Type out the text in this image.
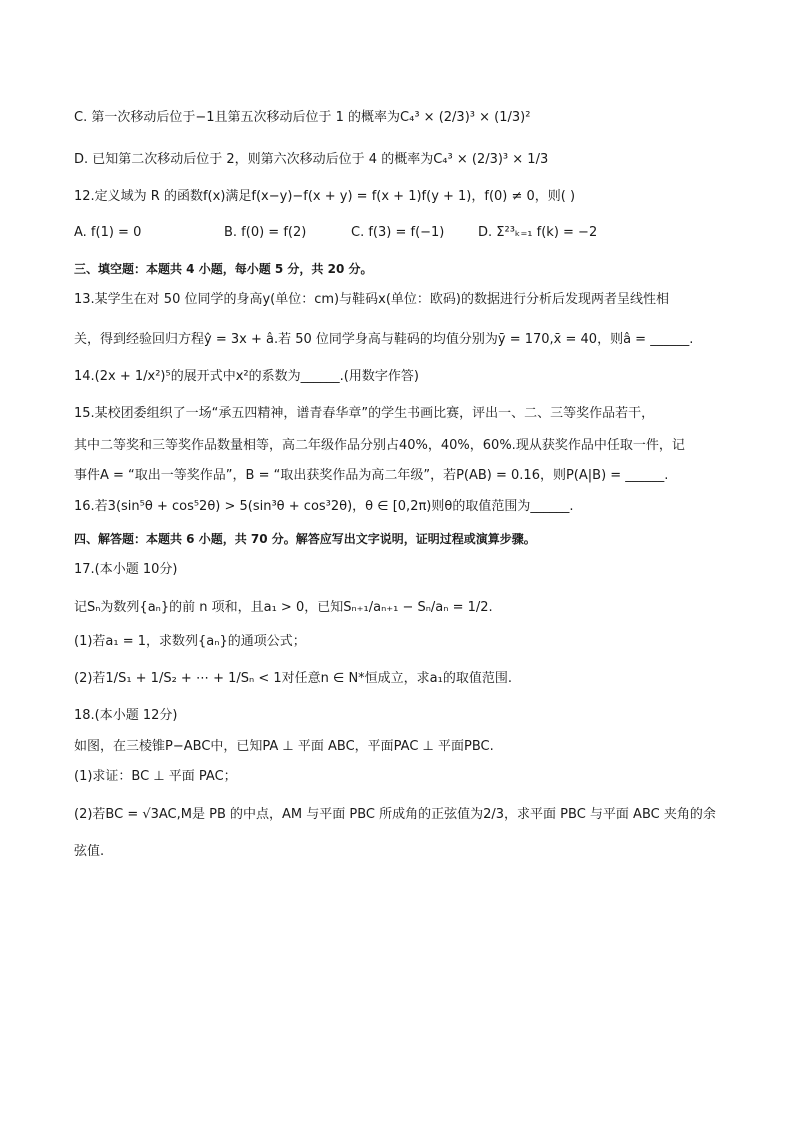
C. 第一次移动后位于−1且第五次移动后位于 1 的概率为C₄³ × (2/3)³ × (1/3)²
D. 已知第二次移动后位于 2，则第六次移动后位于 4 的概率为C₄³ × (2/3)³ × 1/3
12.定义域为 R 的函数f(x)满足f(x−y)−f(x + y) = f(x + 1)f(y + 1)，f(0) ≠ 0，则( )
A. f(1) = 0	B. f(0) = f(2)	C. f(3) = f(−1)	D. Σ²³ₖ₌₁ f(k) = −2
三、填空题：本题共 4 小题，每小题 5 分，共 20 分。
13.某学生在对 50 位同学的身高y(单位：cm)与鞋码x(单位：欧码)的数据进行分析后发现两者呈线性相
关，得到经验回归方程ŷ = 3x + â.若 50 位同学身高与鞋码的均值分别为ȳ = 170,x̄ = 40，则â = ______.
14.(2x + 1/x²)⁵的展开式中x²的系数为______.(用数字作答)
15.某校团委组织了一场“承五四精神，谱青春华章”的学生书画比赛，评出一、二、三等奖作品若干，
其中二等奖和三等奖作品数量相等，高二年级作品分别占40%，40%，60%.现从获奖作品中任取一件，记
事件A = “取出一等奖作品”，B = “取出获奖作品为高二年级”，若P(AB) = 0.16，则P(A|B) = ______.
16.若3(sin⁵θ + cos⁵2θ) > 5(sin³θ + cos³2θ)，θ ∈ [0,2π)则θ的取值范围为______.
四、解答题：本题共 6 小题，共 70 分。解答应写出文字说明，证明过程或演算步骤。
17.(本小题 10分)
记Sₙ为数列{aₙ}的前 n 项和，且a₁ > 0，已知Sₙ₊₁/aₙ₊₁ − Sₙ/aₙ = 1/2.
(1)若a₁ = 1，求数列{aₙ}的通项公式；
(2)若1/S₁ + 1/S₂ + ⋯ + 1/Sₙ < 1对任意n ∈ N*恒成立，求a₁的取值范围.
18.(本小题 12分)
如图，在三棱锥P−ABC中，已知PA ⊥ 平面 ABC，平面PAC ⊥ 平面PBC.
(1)求证：BC ⊥ 平面 PAC；
(2)若BC = √3AC,M是 PB 的中点，AM 与平面 PBC 所成角的正弦值为2/3，求平面 PBC 与平面 ABC 夹角的余
弦值.
